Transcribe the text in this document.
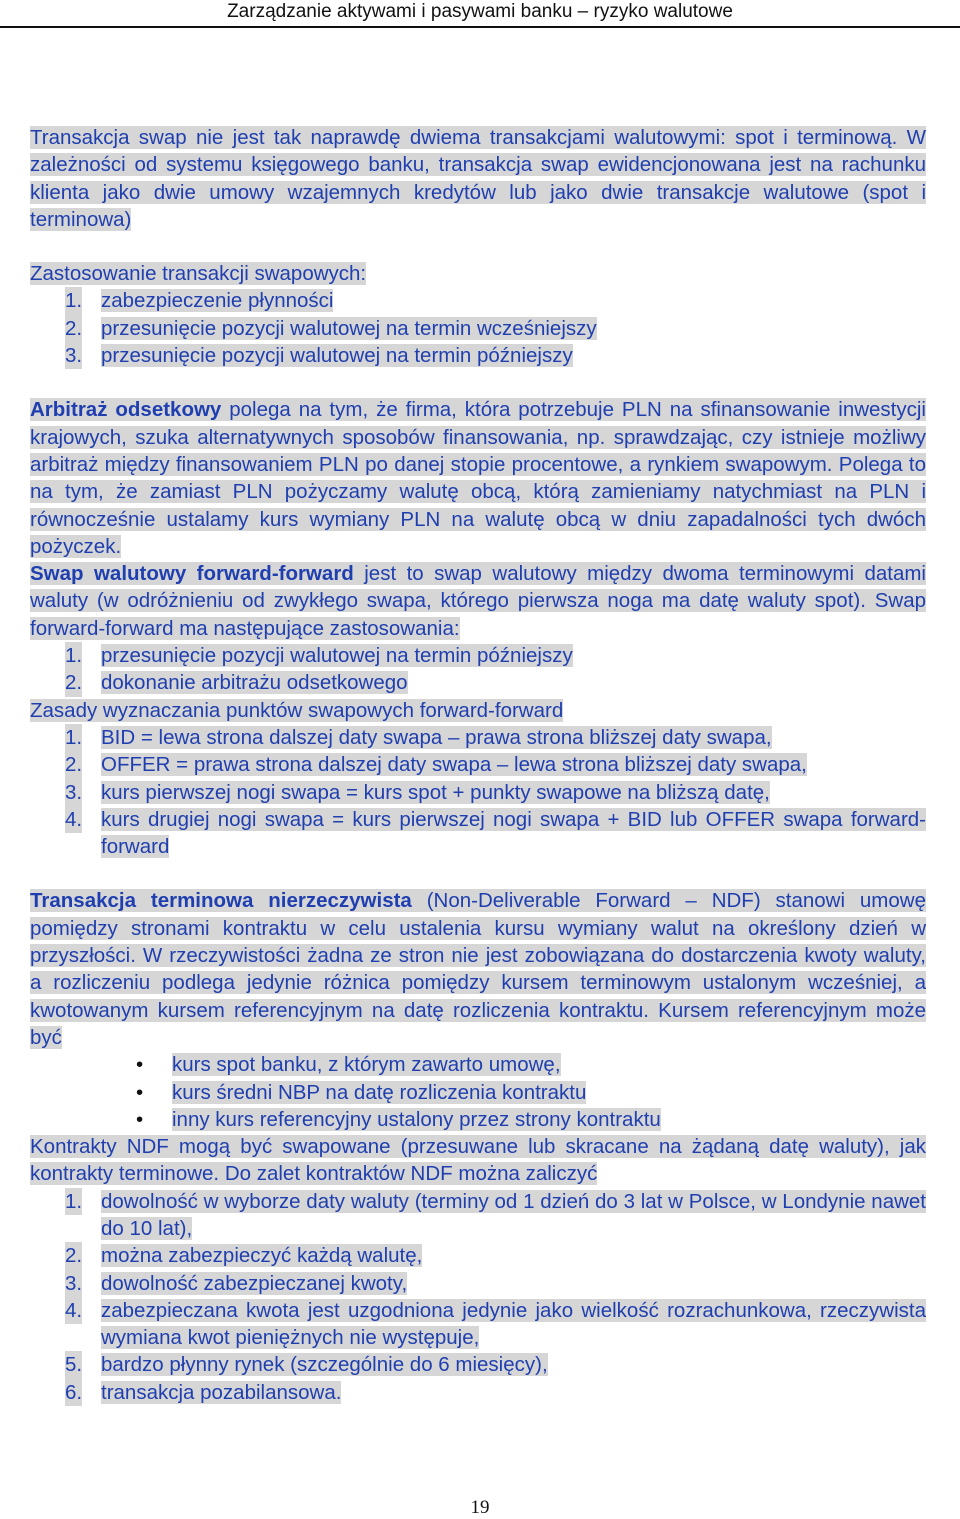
Zarządzanie aktywami i pasywami banku – ryzyko walutowe

Transakcja swap nie jest tak naprawdę dwiema transakcjami walutowymi: spot i terminową. W zależności od systemu księgowego banku, transakcja swap ewidencjonowana jest na rachunku klienta jako dwie umowy wzajemnych kredytów lub jako dwie transakcje walutowe (spot i terminowa)

Zastosowanie transakcji swapowych:

1. zabezpieczenie płynności

2. przesunięcie pozycji walutowej na termin wcześniejszy

3. przesunięcie pozycji walutowej na termin późniejszy

Arbitraż odsetkowy polega na tym, że firma, która potrzebuje PLN na sfinansowanie inwestycji krajowych, szuka alternatywnych sposobów finansowania, np. sprawdzając, czy istnieje możliwy arbitraż między finansowaniem PLN po danej stopie procentowe, a rynkiem swapowym. Polega to na tym, że zamiast PLN pożyczamy walutę obcą, którą zamieniamy natychmiast na PLN i równocześnie ustalamy kurs wymiany PLN na walutę obcą w dniu zapadalności tych dwóch pożyczek.

Swap walutowy forward-forward jest to swap walutowy między dwoma terminowymi datami waluty (w odróżnieniu od zwykłego swapa, którego pierwsza noga ma datę waluty spot). Swap forward-forward ma następujące zastosowania:

1. przesunięcie pozycji walutowej na termin późniejszy

2. dokonanie arbitrażu odsetkowego

Zasady wyznaczania punktów swapowych forward-forward

1. BID = lewa strona dalszej daty swapa – prawa strona bliższej daty swapa,

2. OFFER = prawa strona dalszej daty swapa – lewa strona bliższej daty swapa,

3. kurs pierwszej nogi swapa = kurs spot + punkty swapowe na bliższą datę,

4. kurs drugiej nogi swapa = kurs pierwszej nogi swapa + BID lub OFFER swapa forward-forward

Transakcja terminowa nierzeczywista (Non-Deliverable Forward – NDF) stanowi umowę pomiędzy stronami kontraktu w celu ustalenia kursu wymiany walut na określony dzień w przyszłości. W rzeczywistości żadna ze stron nie jest zobowiązana do dostarczenia kwoty waluty, a rozliczeniu podlega jedynie różnica pomiędzy kursem terminowym ustalonym wcześniej, a kwotowanym kursem referencyjnym na datę rozliczenia kontraktu. Kursem referencyjnym może być

• kurs spot banku, z którym zawarto umowę,

• kurs średni NBP na datę rozliczenia kontraktu

• inny kurs referencyjny ustalony przez strony kontraktu

Kontrakty NDF mogą być swapowane (przesuwane lub skracane na żądaną datę waluty), jak kontrakty terminowe. Do zalet kontraktów NDF można zaliczyć

1. dowolność w wyborze daty waluty (terminy od 1 dzień do 3 lat w Polsce, w Londynie nawet do 10 lat),

2. można zabezpieczyć każdą walutę,

3. dowolność zabezpieczanej kwoty,

4. zabezpieczana kwota jest uzgodniona jedynie jako wielkość rozrachunkowa, rzeczywista wymiana kwot pieniężnych nie występuje,

5. bardzo płynny rynek (szczególnie do 6 miesięcy),

6. transakcja pozabilansowa.

19
